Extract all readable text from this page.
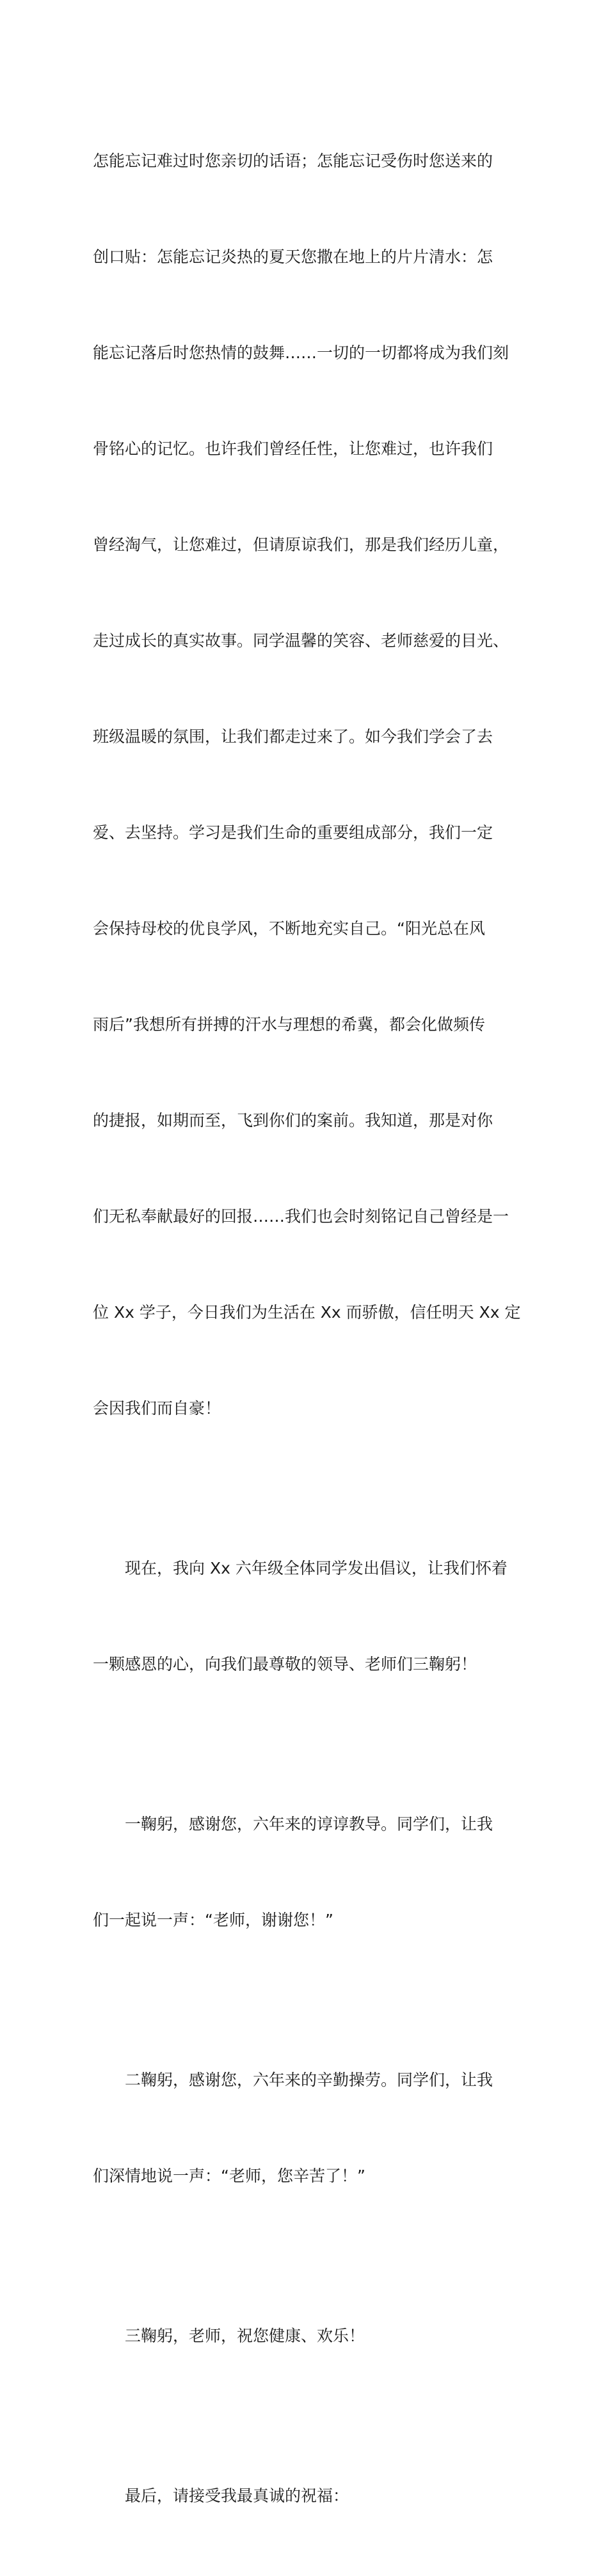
怎能忘记难过时您亲切的话语；怎能忘记受伤时您送来的

创口贴：怎能忘记炎热的夏天您撒在地上的片片清水：怎

能忘记落后时您热情的鼓舞……一切的一切都将成为我们刻

骨铭心的记忆。也许我们曾经任性，让您难过，也许我们

曾经淘气，让您难过，但请原谅我们，那是我们经历儿童，

走过成长的真实故事。同学温馨的笑容、老师慈爱的目光、

班级温暖的氛围，让我们都走过来了。如今我们学会了去

爱、去坚持。学习是我们生命的重要组成部分，我们一定

会保持母校的优良学风，不断地充实自己。“阳光总在风

雨后”我想所有拼搏的汗水与理想的希冀，都会化做频传

的捷报，如期而至，飞到你们的案前。我知道，那是对你

们无私奉献最好的回报……我们也会时刻铭记自己曾经是一

位 Xx 学子，今日我们为生活在 Xx 而骄傲，信任明天 Xx 定

会因我们而自豪！

现在，我向 Xx 六年级全体同学发出倡议，让我们怀着

一颗感恩的心，向我们最尊敬的领导、老师们三鞠躬！

一鞠躬，感谢您，六年来的谆谆教导。同学们，让我

们一起说一声：“老师，谢谢您！”

二鞠躬，感谢您，六年来的辛勤操劳。同学们，让我

们深情地说一声：“老师，您辛苦了！”

三鞠躬，老师，祝您健康、欢乐！

最后，请接受我最真诚的祝福：
